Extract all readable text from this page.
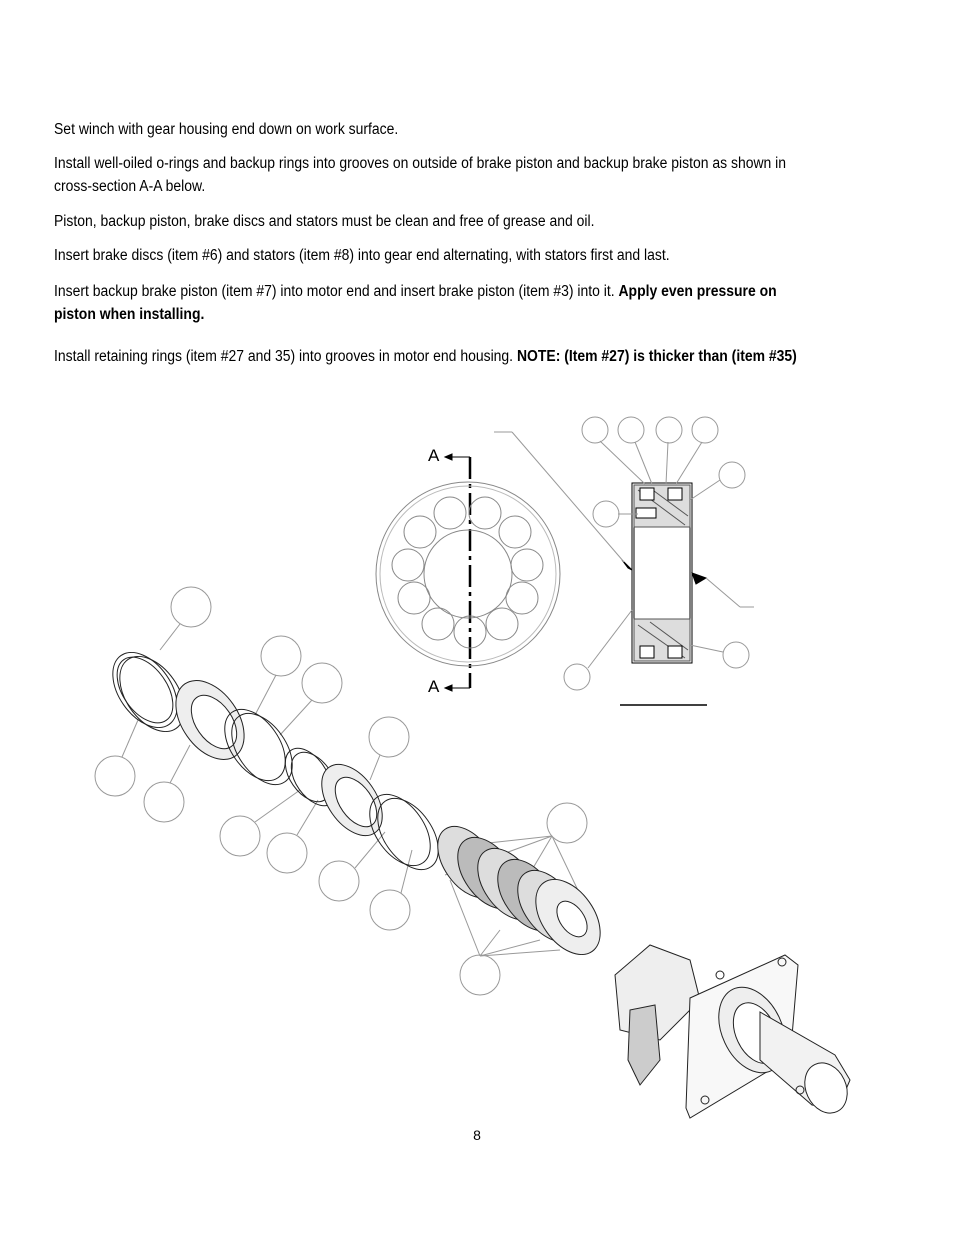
Set winch with gear housing end down on work surface.
Install well-oiled o-rings and backup rings into grooves on outside of brake piston and backup brake piston as shown in cross-section A-A below.
Piston, backup piston, brake discs and stators must be clean and free of grease and oil.
Insert brake discs (item #6) and stators (item #8) into gear end alternating, with stators first and last.
Insert backup brake piston (item #7) into motor end and insert brake piston (item #3) into it. Apply even pressure on piston when installing.
Install retaining rings (item #27 and 35) into grooves in motor end housing. NOTE: (Item #27) is thicker than (item #35)
A
A
8
